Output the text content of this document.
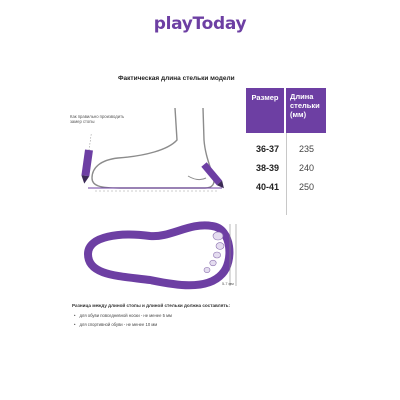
playToday
Фактическая длина стельки модели
Как правильно производить замер стопы
5-7 мм
Размер	Длина стельки (мм)
36-37 235
38-39 240
40-41 250
Разница между длиной стопы и длиной стельки должна составлять:
• для обуви повседневной носки - не менее 5 мм
• для спортивной обуви - не менее 10 мм
